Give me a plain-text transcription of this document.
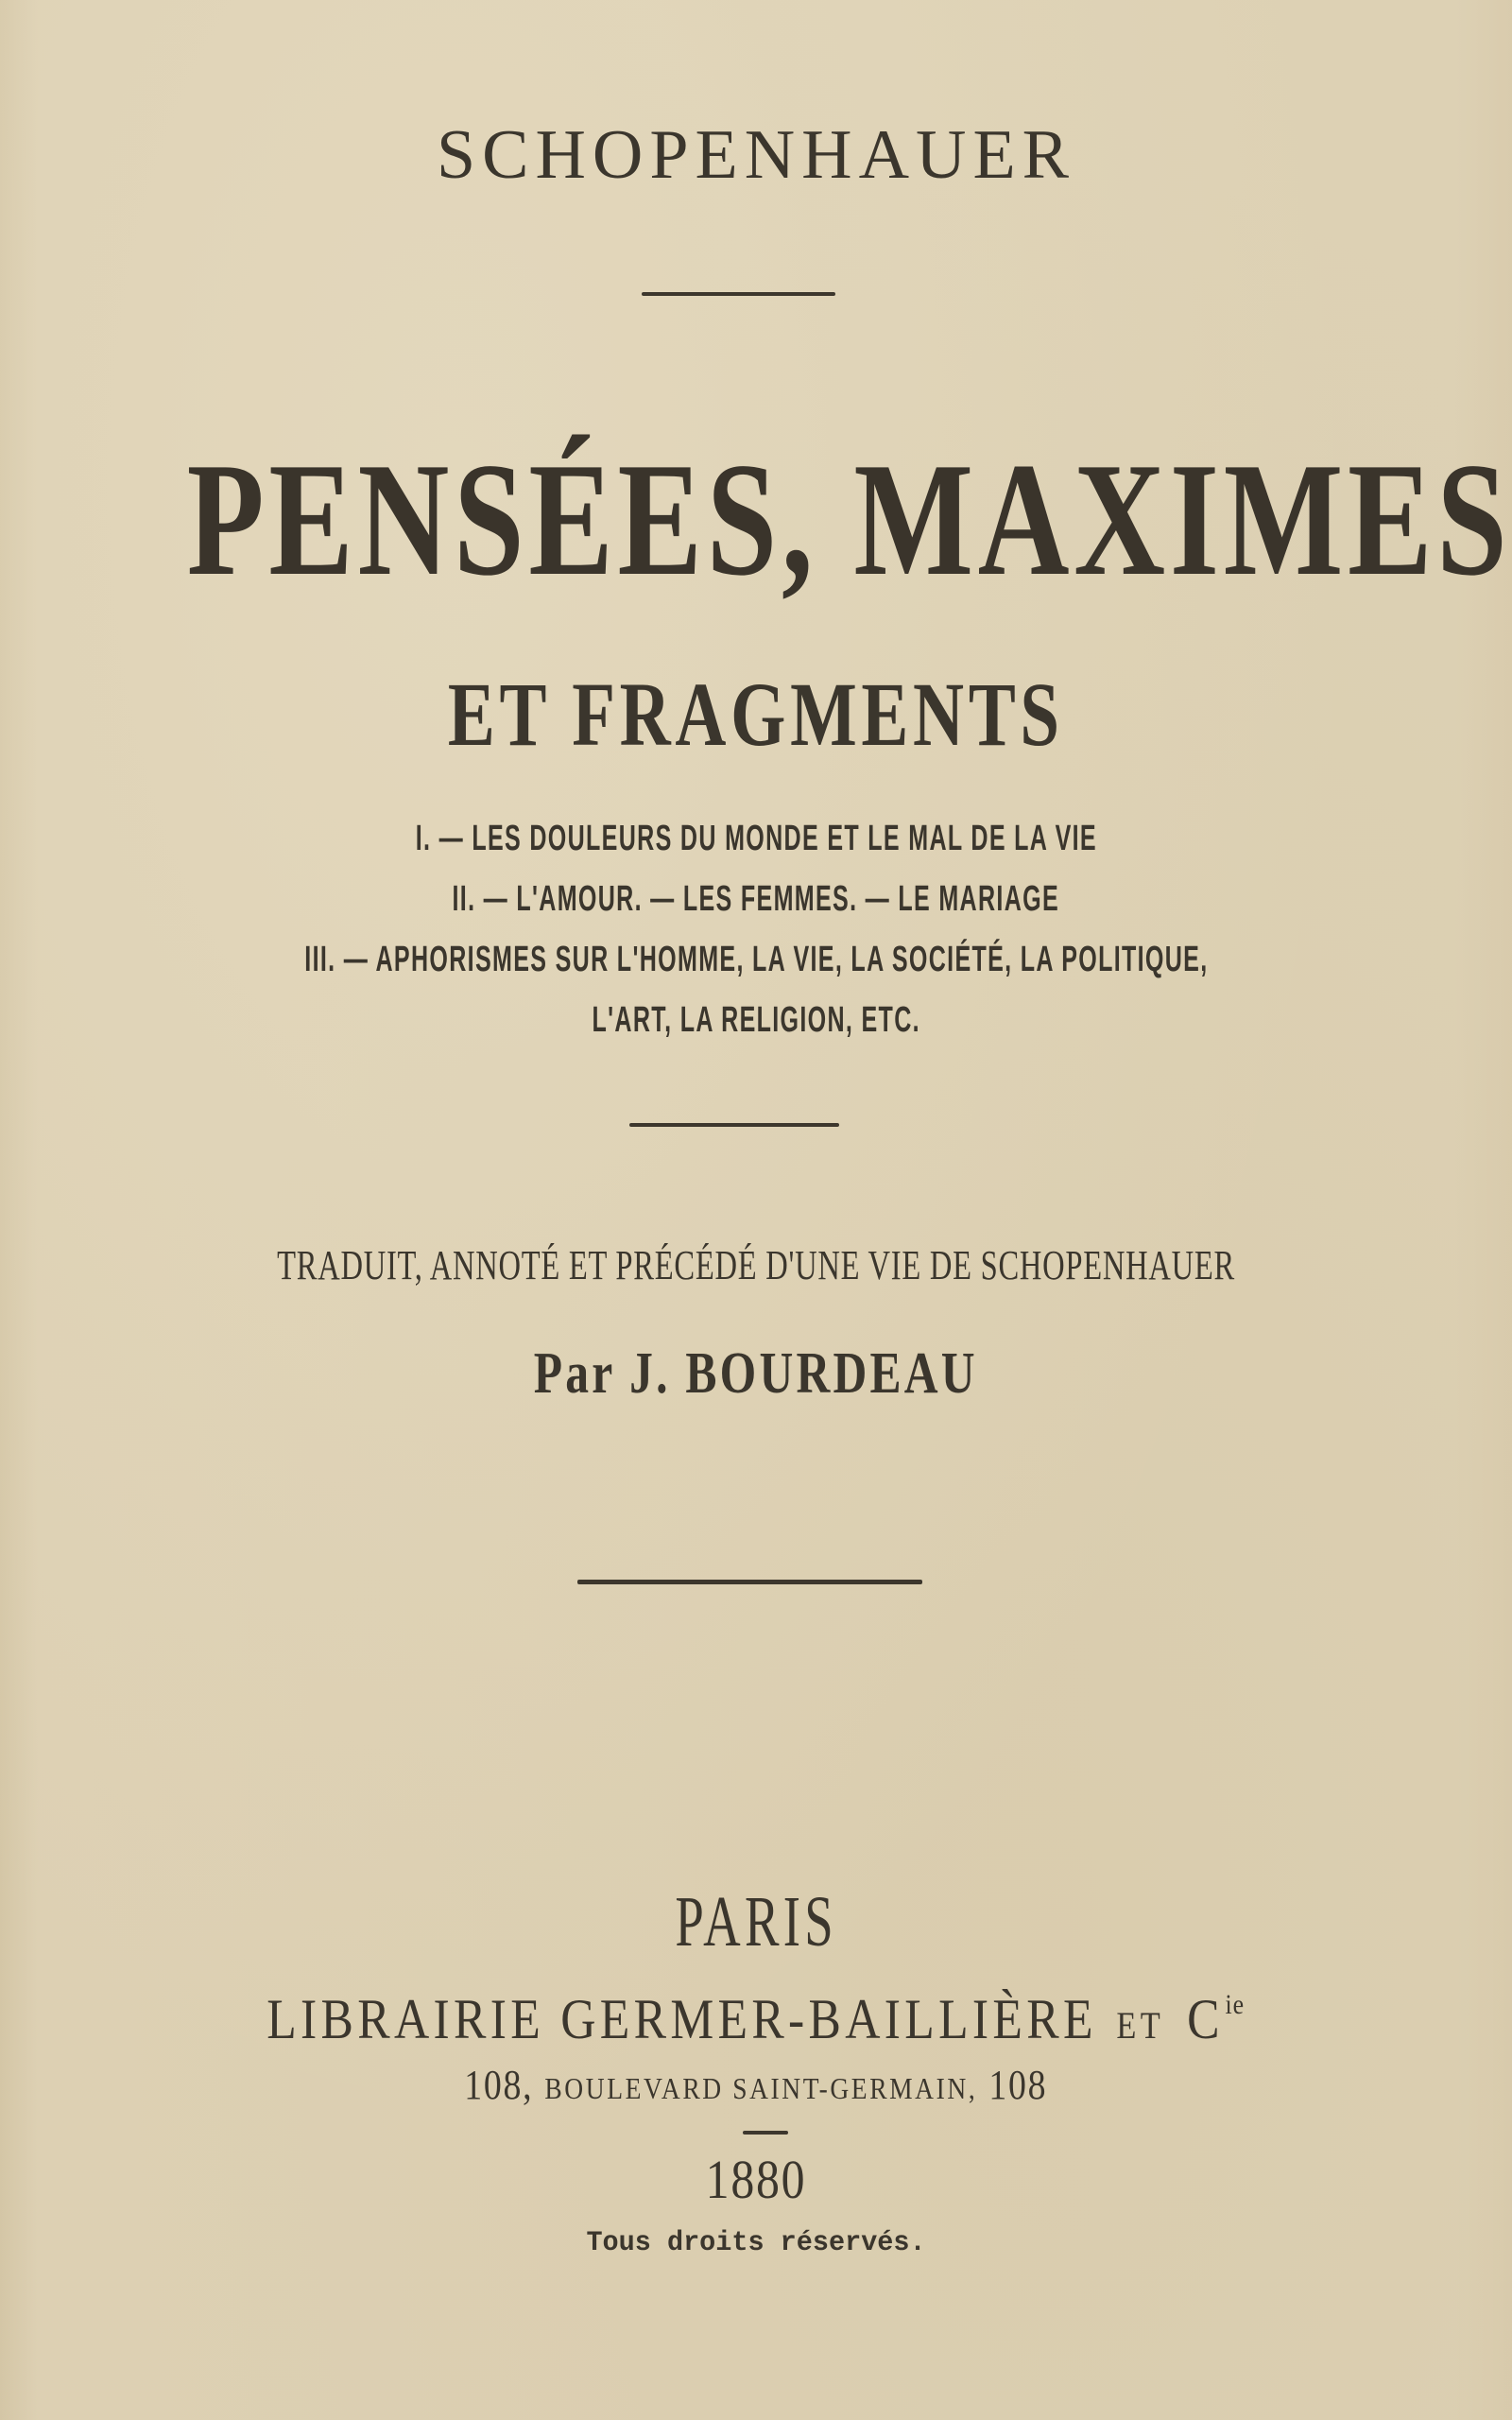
SCHOPENHAUER
PENSÉES, MAXIMES
ET FRAGMENTS
I. — LES DOULEURS DU MONDE ET LE MAL DE LA VIE
II. — L'AMOUR. — LES FEMMES. — LE MARIAGE
III. — APHORISMES SUR L'HOMME, LA VIE, LA SOCIÉTÉ, LA POLITIQUE,
L'ART, LA RELIGION, ETC.
TRADUIT, ANNOTÉ ET PRÉCÉDÉ D'UNE VIE DE SCHOPENHAUER
Par J. BOURDEAU
PARIS
LIBRAIRIE GERMER-BAILLIÈRE ET $C^{ie}$
108, BOULEVARD SAINT-GERMAIN, 108
1880
Tous droits réservés.
